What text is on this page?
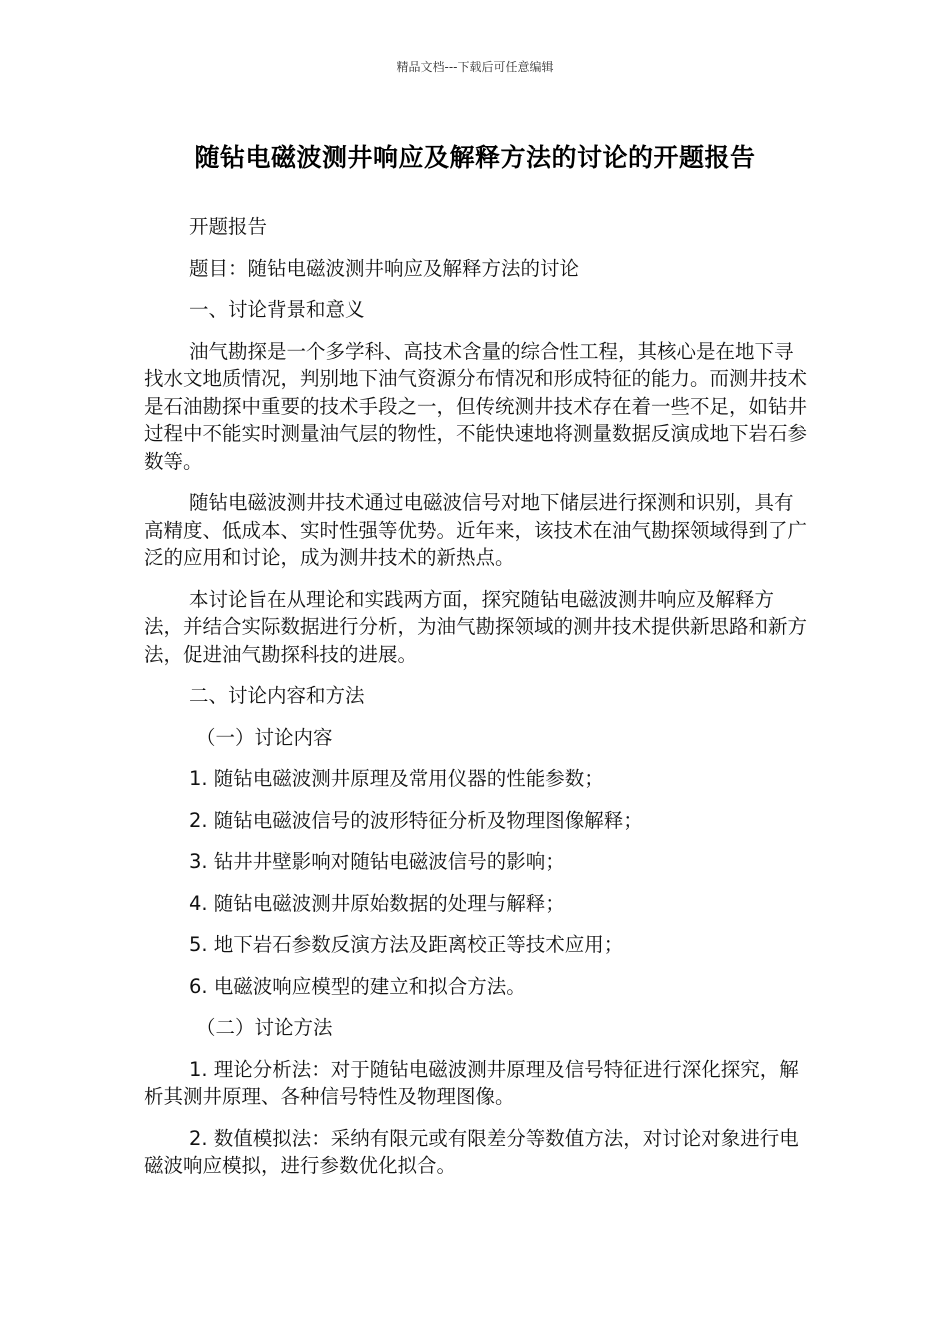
精品文档---下载后可任意编辑
随钻电磁波测井响应及解释方法的讨论的开题报告

开题报告

题目：随钻电磁波测井响应及解释方法的讨论

一、讨论背景和意义

油气勘探是一个多学科、高技术含量的综合性工程，其核心是在地下寻找水文地质情况，判别地下油气资源分布情况和形成特征的能力。而测井技术是石油勘探中重要的技术手段之一，但传统测井技术存在着一些不足，如钻井过程中不能实时测量油气层的物性，不能快速地将测量数据反演成地下岩石参数等。

随钻电磁波测井技术通过电磁波信号对地下储层进行探测和识别，具有高精度、低成本、实时性强等优势。近年来，该技术在油气勘探领域得到了广泛的应用和讨论，成为测井技术的新热点。

本讨论旨在从理论和实践两方面，探究随钻电磁波测井响应及解释方法，并结合实际数据进行分析，为油气勘探领域的测井技术提供新思路和新方法，促进油气勘探科技的进展。

二、讨论内容和方法

（一）讨论内容

1. 随钻电磁波测井原理及常用仪器的性能参数；

2. 随钻电磁波信号的波形特征分析及物理图像解释；

3. 钻井井壁影响对随钻电磁波信号的影响；

4. 随钻电磁波测井原始数据的处理与解释；

5. 地下岩石参数反演方法及距离校正等技术应用；

6. 电磁波响应模型的建立和拟合方法。

（二）讨论方法

1. 理论分析法：对于随钻电磁波测井原理及信号特征进行深化探究，解析其测井原理、各种信号特性及物理图像。

2. 数值模拟法：采纳有限元或有限差分等数值方法，对讨论对象进行电磁波响应模拟，进行参数优化拟合。
